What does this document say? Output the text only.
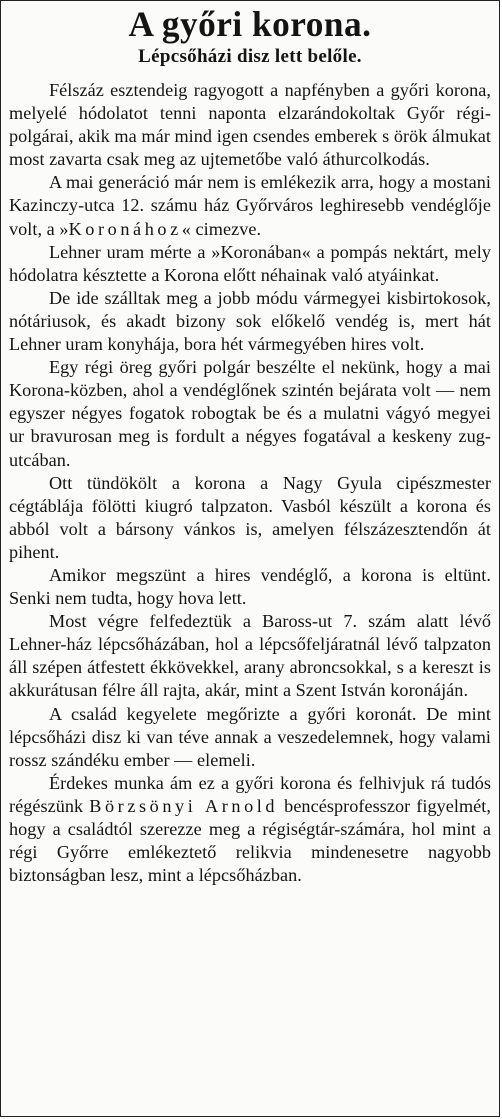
A győri korona.
Lépcsőházi disz lett belőle.

Félszáz esztendeig ragyogott a napfényben a győri korona, melyelé hódolatot tenni naponta elzarándokoltak Győr régi-polgárai, akik ma már mind igen csendes emberek s örök álmukat most zavarta csak meg az ujtemetőbe való áthurcolkodás.

A mai generáció már nem is emlékezik arra, hogy a mostani Kazinczy-utca 12. számu ház Győrváros leghiresebb vendéglője volt, a »Koronához« cimezve.

Lehner uram mérte a »Koronában« a pompás nektárt, mely hódolatra késztette a Korona előtt néhainak való atyáinkat.

De ide szálltak meg a jobb módu vármegyei kisbirtokosok, nótáriusok, és akadt bizony sok előkelő vendég is, mert hát Lehner uram konyhája, bora hét vármegyében hires volt.

Egy régi öreg győri polgár beszélte el nekünk, hogy a mai Korona-közben, ahol a vendéglőnek szintén bejárata volt — nem egyszer négyes fogatok robogtak be és a mulatni vágyó megyei ur bravurosan meg is fordult a négyes fogatával a keskeny zug-utcában.

Ott tündökölt a korona a Nagy Gyula cipészmester cégtáblája fölötti kiugró talpzaton. Vasból készült a korona és abból volt a bársony vánkos is, amelyen félszázesztendőn át pihent.

Amikor megszünt a hires vendéglő, a korona is eltünt. Senki nem tudta, hogy hova lett.

Most végre felfedeztük a Baross-ut 7. szám alatt lévő Lehner-ház lépcsőházában, hol a lépcsőfeljáratnál lévő talpzaton áll szépen átfestett ékkövekkel, arany abroncsokkal, s a kereszt is akkurátusan félre áll rajta, akár, mint a Szent István koronáján.

A család kegyelete megőrizte a győri koronát. De mint lépcsőházi disz ki van téve annak a veszedelemnek, hogy valami rossz szándéku ember — elemeli.

Érdekes munka ám ez a győri korona és felhivjuk rá tudós régészünk Börzsönyi Arnold bencésprofesszor figyelmét, hogy a családtól szerezze meg a régiségtár-számára, hol mint a régi Győrre emlékeztető relikvia mindenesetre nagyobb biztonságban lesz, mint a lépcsőházban.
